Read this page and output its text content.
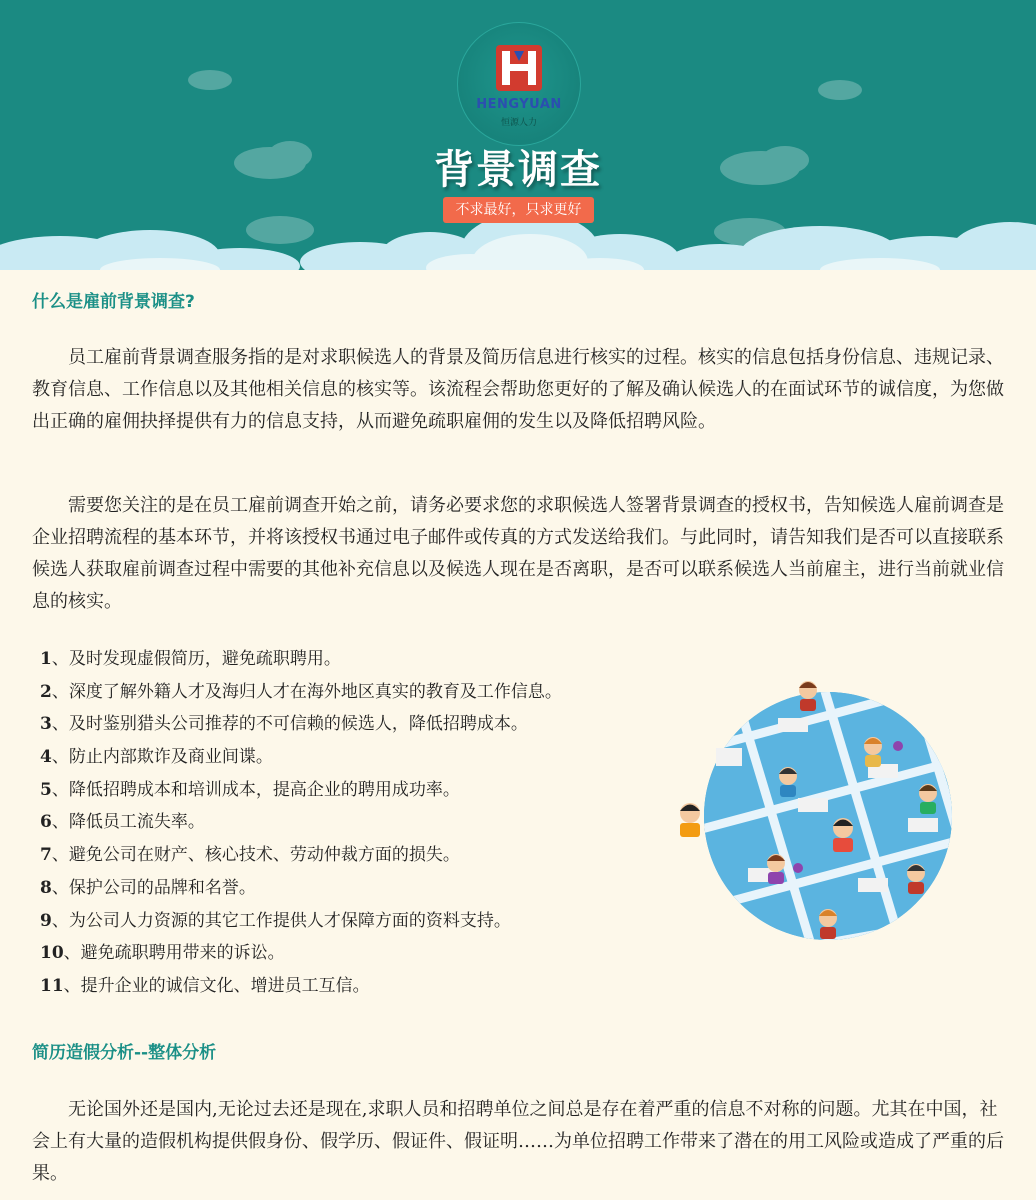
HENGYUAN
恒源人力
背景调查
不求最好，只求更好
什么是雇前背景调查?

员工雇前背景调查服务指的是对求职候选人的背景及简历信息进行核实的过程。核实的信息包括身份信息、违规记录、教育信息、工作信息以及其他相关信息的核实等。该流程会帮助您更好的了解及确认候选人的在面试环节的诚信度，为您做出正确的雇佣抉择提供有力的信息支持，从而避免疏职雇佣的发生以及降低招聘风险。

需要您关注的是在员工雇前调查开始之前，请务必要求您的求职候选人签署背景调查的授权书，告知候选人雇前调查是企业招聘流程的基本环节，并将该授权书通过电子邮件或传真的方式发送给我们。与此同时，请告知我们是否可以直接联系候选人获取雇前调查过程中需要的其他补充信息以及候选人现在是否离职，是否可以联系候选人当前雇主，进行当前就业信息的核实。

1、及时发现虚假简历，避免疏职聘用。
2、深度了解外籍人才及海归人才在海外地区真实的教育及工作信息。
3、及时鉴别猎头公司推荐的不可信赖的候选人，降低招聘成本。
4、防止内部欺诈及商业间谍。
5、降低招聘成本和培训成本，提高企业的聘用成功率。
6、降低员工流失率。
7、避免公司在财产、核心技术、劳动仲裁方面的损失。
8、保护公司的品牌和名誉。
9、为公司人力资源的其它工作提供人才保障方面的资料支持。
10、避免疏职聘用带来的诉讼。
11、提升企业的诚信文化、增进员工互信。
简历造假分析--整体分析

无论国外还是国内,无论过去还是现在,求职人员和招聘单位之间总是存在着严重的信息不对称的问题。尤其在中国，社会上有大量的造假机构提供假身份、假学历、假证件、假证明……为单位招聘工作带来了潜在的用工风险或造成了严重的后果。
